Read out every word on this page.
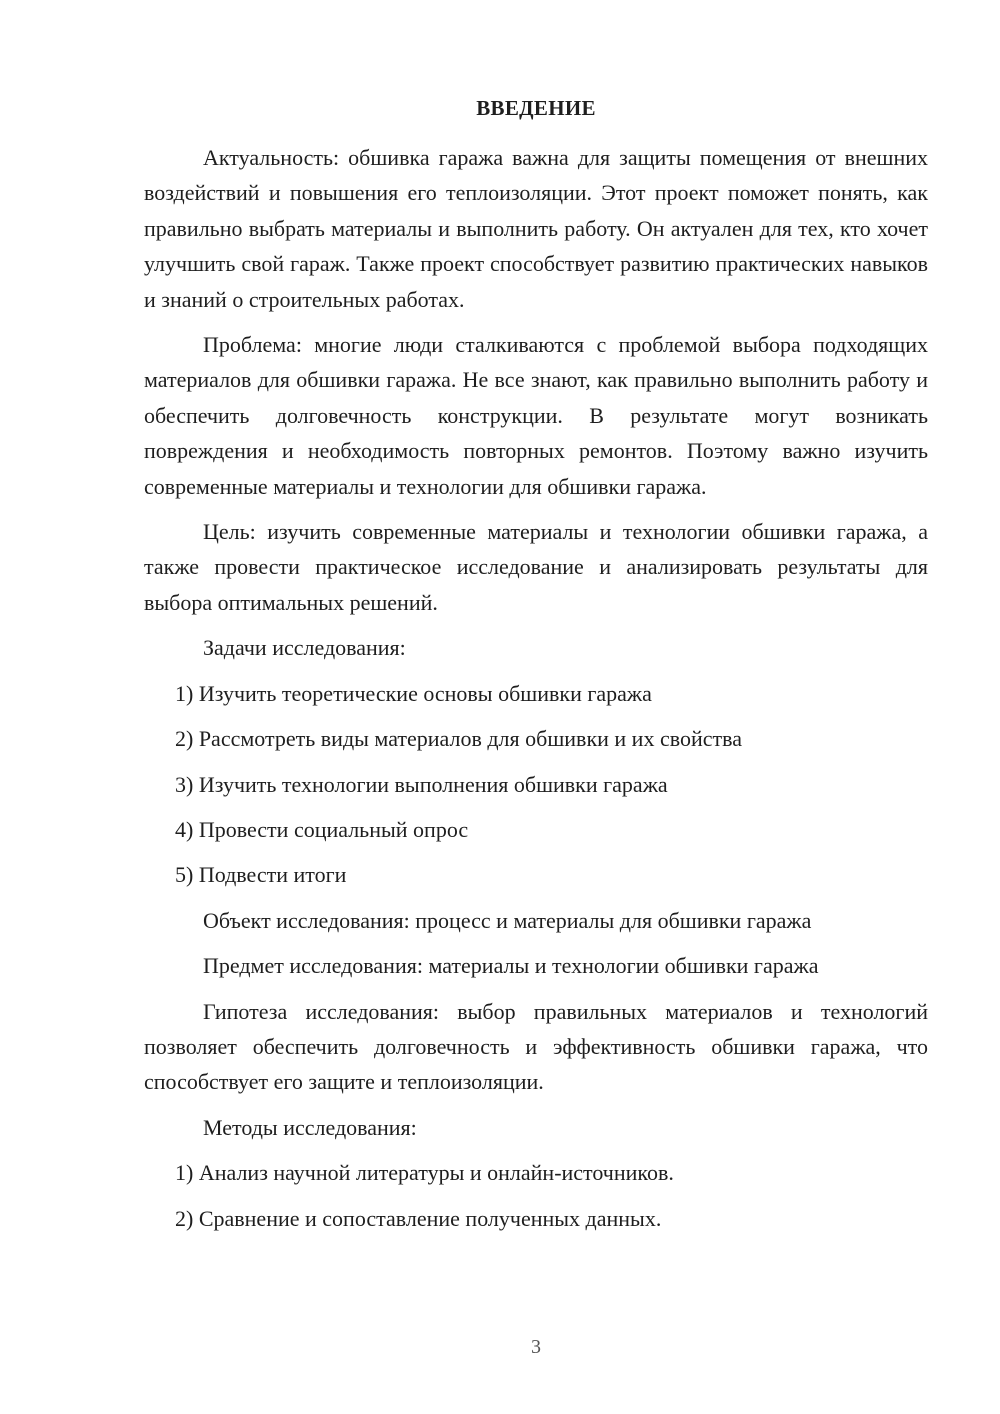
ВВЕДЕНИЕ

Актуальность: обшивка гаража важна для защиты помещения от внешних воздействий и повышения его теплоизоляции. Этот проект поможет понять, как правильно выбрать материалы и выполнить работу. Он актуален для тех, кто хочет улучшить свой гараж. Также проект способствует развитию практических навыков и знаний о строительных работах.

Проблема: многие люди сталкиваются с проблемой выбора подходящих материалов для обшивки гаража. Не все знают, как правильно выполнить работу и обеспечить долговечность конструкции. В результате могут возникать повреждения и необходимость повторных ремонтов. Поэтому важно изучить современные материалы и технологии для обшивки гаража.

Цель: изучить современные материалы и технологии обшивки гаража, а также провести практическое исследование и анализировать результаты для выбора оптимальных решений.

Задачи исследования:

1) Изучить теоретические основы обшивки гаража

2) Рассмотреть виды материалов для обшивки и их свойства

3) Изучить технологии выполнения обшивки гаража

4) Провести социальный опрос

5) Подвести итоги

Объект исследования: процесс и материалы для обшивки гаража

Предмет исследования: материалы и технологии обшивки гаража

Гипотеза исследования: выбор правильных материалов и технологий позволяет обеспечить долговечность и эффективность обшивки гаража, что способствует его защите и теплоизоляции.

Методы исследования:

1) Анализ научной литературы и онлайн-источников.

2) Сравнение и сопоставление полученных данных.

3
